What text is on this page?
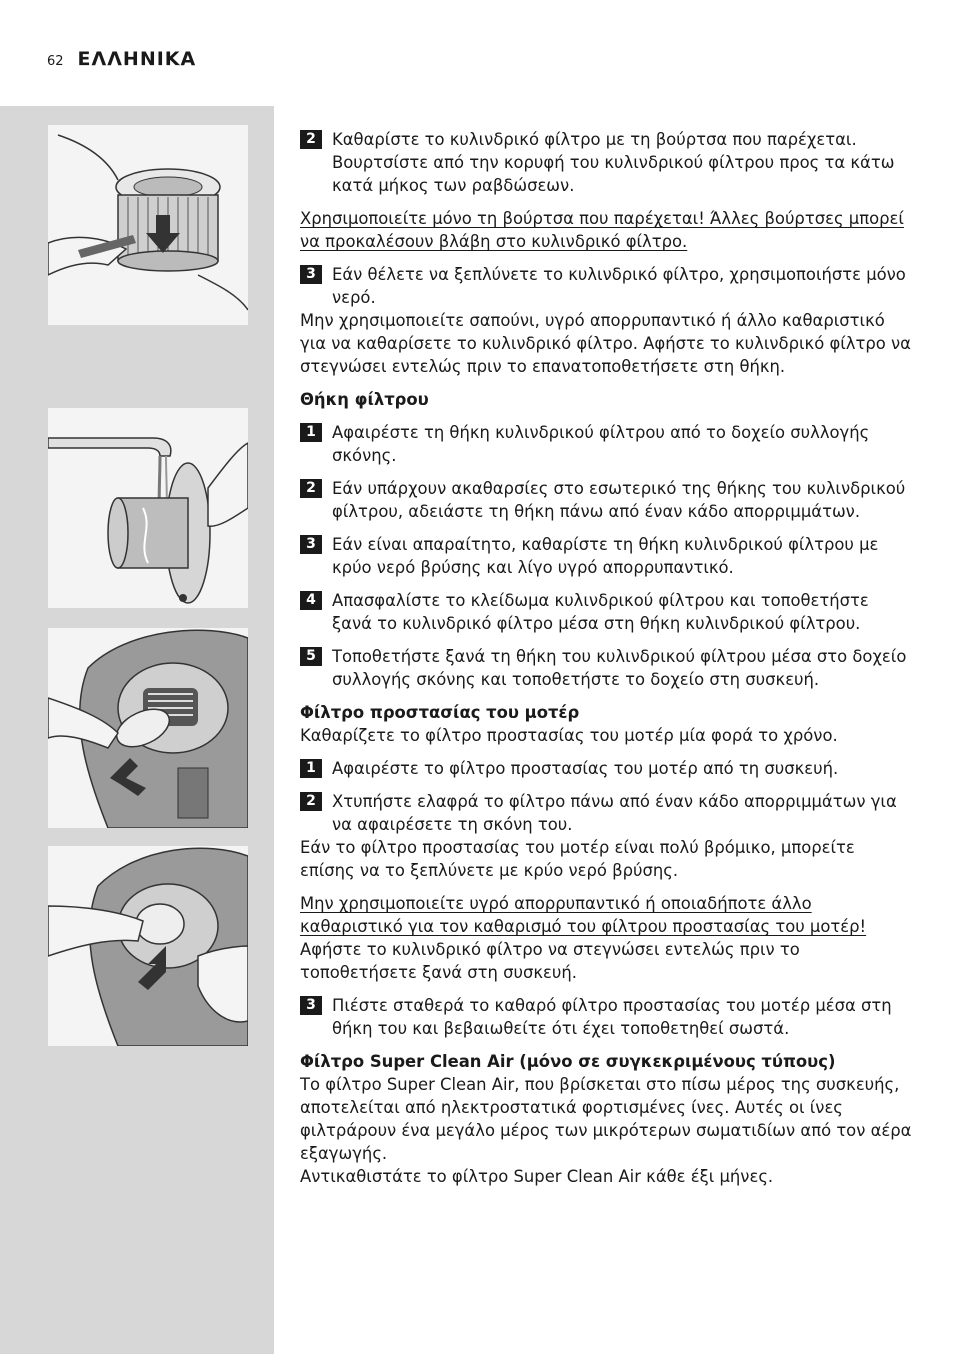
62 ΕΛΛΗΝΙΚΑ
2 Καθαρίστε το κυλινδρικό φίλτρο με τη βούρτσα που παρέχεται. Βουρτσίστε από την κορυφή του κυλινδρικού φίλτρου προς τα κάτω κατά μήκος των ραβδώσεων.

Χρησιμοποιείτε μόνο τη βούρτσα που παρέχεται! Άλλες βούρτσες μπορεί να προκαλέσουν βλάβη στο κυλινδρικό φίλτρο.

3 Εάν θέλετε να ξεπλύνετε το κυλινδρικό φίλτρο, χρησιμοποιήστε μόνο νερό.

Μην χρησιμοποιείτε σαπούνι, υγρό απορρυπαντικό ή άλλο καθαριστικό για να καθαρίσετε το κυλινδρικό φίλτρο. Αφήστε το κυλινδρικό φίλτρο να στεγνώσει εντελώς πριν το επανατοποθετήσετε στη θήκη.

Θήκη φίλτρου

1 Αφαιρέστε τη θήκη κυλινδρικού φίλτρου από το δοχείο συλλογής σκόνης.
2 Εάν υπάρχουν ακαθαρσίες στο εσωτερικό της θήκης του κυλινδρικού φίλτρου, αδειάστε τη θήκη πάνω από έναν κάδο απορριμμάτων.
3 Εάν είναι απαραίτητο, καθαρίστε τη θήκη κυλινδρικού φίλτρου με κρύο νερό βρύσης και λίγο υγρό απορρυπαντικό.
4 Απασφαλίστε το κλείδωμα κυλινδρικού φίλτρου και τοποθετήστε ξανά το κυλινδρικό φίλτρο μέσα στη θήκη κυλινδρικού φίλτρου.
5 Τοποθετήστε ξανά τη θήκη του κυλινδρικού φίλτρου μέσα στο δοχείο συλλογής σκόνης και τοποθετήστε το δοχείο στη συσκευή.

Φίλτρο προστασίας του μοτέρ

Καθαρίζετε το φίλτρο προστασίας του μοτέρ μία φορά το χρόνο.

1 Αφαιρέστε το φίλτρο προστασίας του μοτέρ από τη συσκευή.
2 Χτυπήστε ελαφρά το φίλτρο πάνω από έναν κάδο απορριμμάτων για να αφαιρέσετε τη σκόνη του.

Εάν το φίλτρο προστασίας του μοτέρ είναι πολύ βρόμικο, μπορείτε επίσης να το ξεπλύνετε με κρύο νερό βρύσης.

Μην χρησιμοποιείτε υγρό απορρυπαντικό ή οποιαδήποτε άλλο καθαριστικό για τον καθαρισμό του φίλτρου προστασίας του μοτέρ!

Αφήστε το κυλινδρικό φίλτρο να στεγνώσει εντελώς πριν το τοποθετήσετε ξανά στη συσκευή.

3 Πιέστε σταθερά το καθαρό φίλτρο προστασίας του μοτέρ μέσα στη θήκη του και βεβαιωθείτε ότι έχει τοποθετηθεί σωστά.

Φίλτρο Super Clean Air (μόνο σε συγκεκριμένους τύπους)

Το φίλτρο Super Clean Air, που βρίσκεται στο πίσω μέρος της συσκευής, αποτελείται από ηλεκτροστατικά φορτισμένες ίνες. Αυτές οι ίνες φιλτράρουν ένα μεγάλο μέρος των μικρότερων σωματιδίων από τον αέρα εξαγωγής.

Αντικαθιστάτε το φίλτρο Super Clean Air κάθε έξι μήνες.
